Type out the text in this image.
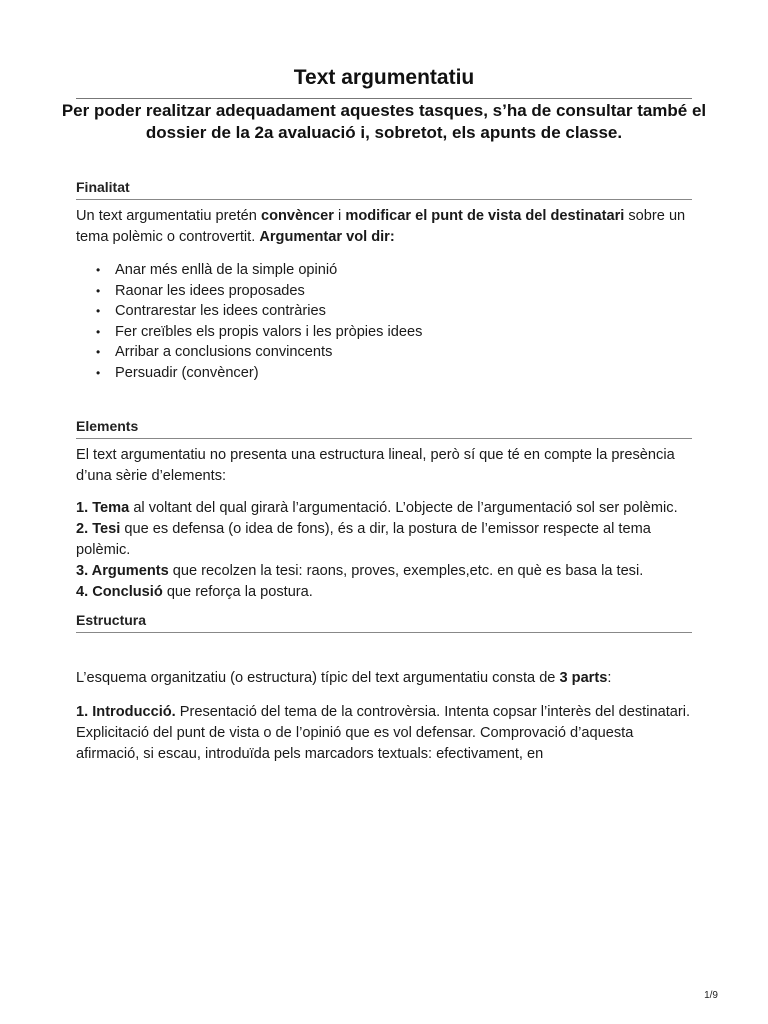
Text argumentatiu
Per poder realitzar adequadament aquestes tasques, s’ha de consultar també el dossier de la 2a avaluació i, sobretot, els apunts de classe.
Finalitat

Un text argumentatiu pretén convèncer i modificar el punt de vista del destinatari sobre un tema polèmic o controvertit. Argumentar vol dir:

• Anar més enllà de la simple opinió
• Raonar les idees proposades
• Contrarestar les idees contràries
• Fer creïbles els propis valors i les pròpies idees
• Arribar a conclusions convincents
• Persuadir (convèncer)
Elements

El text argumentatiu no presenta una estructura lineal, però sí que té en compte la presència d’una sèrie d’elements:

1. Tema al voltant del qual girarà l’argumentació. L’objecte de l’argumentació sol ser polèmic.
2. Tesi que es defensa (o idea de fons), és a dir, la postura de l’emissor respecte al tema polèmic.
3. Arguments que recolzen la tesi: raons, proves, exemples,etc. en què es basa la tesi.
4. Conclusió que reforça la postura.

Estructura

L’esquema organitzatiu (o estructura) típic del text argumentatiu consta de 3 parts:

1. Introducció. Presentació del tema de la controvèrsia. Intenta copsar l’interès del destinatari. Explicitació del punt de vista o de l’opinió que es vol defensar. Comprovació d’aquesta afirmació, si escau, introduïda pels marcadors textuals: efectivament, en

1/9
